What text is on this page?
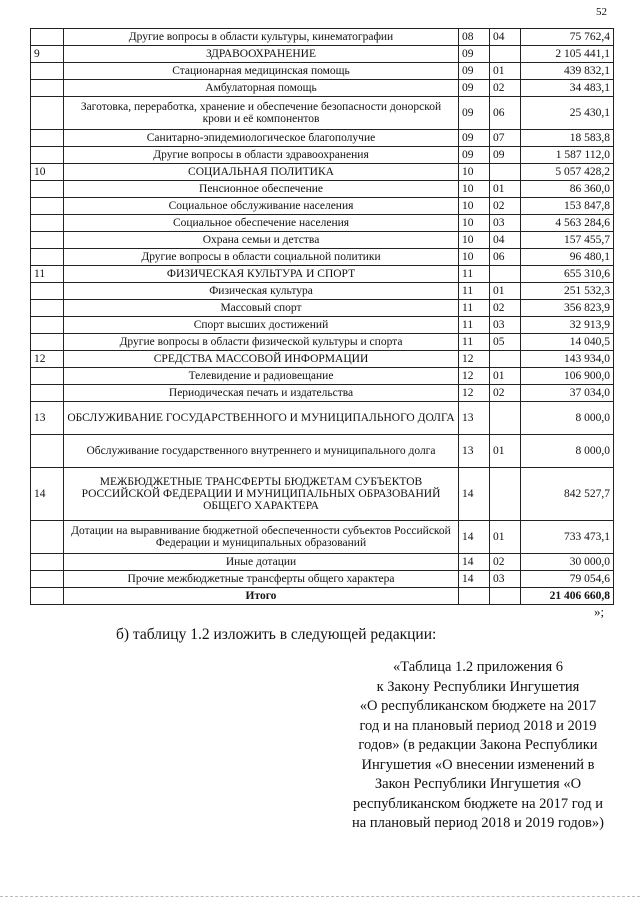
52
	Другие вопросы в области культуры, кинематографии	08	04	75 762,4
9	ЗДРАВООХРАНЕНИЕ	09		2 105 441,1
	Стационарная медицинская помощь	09	01	439 832,1
	Амбулаторная помощь	09	02	34 483,1
	Заготовка, переработка, хранение и обеспечение безопасности донорской крови и её компонентов	09	06	25 430,1
	Санитарно-эпидемиологическое благополучие	09	07	18 583,8
	Другие вопросы в области здравоохранения	09	09	1 587 112,0
10	СОЦИАЛЬНАЯ ПОЛИТИКА	10		5 057 428,2
	Пенсионное обеспечение	10	01	86 360,0
	Социальное обслуживание населения	10	02	153 847,8
	Социальное обеспечение населения	10	03	4 563 284,6
	Охрана семьи и детства	10	04	157 455,7
	Другие вопросы в области социальной политики	10	06	96 480,1
11	ФИЗИЧЕСКАЯ КУЛЬТУРА И СПОРТ	11		655 310,6
	Физическая культура	11	01	251 532,3
	Массовый спорт	11	02	356 823,9
	Спорт высших достижений	11	03	32 913,9
	Другие вопросы в области физической культуры и спорта	11	05	14 040,5
12	СРЕДСТВА МАССОВОЙ ИНФОРМАЦИИ	12		143 934,0
	Телевидение и радиовещание	12	01	106 900,0
	Периодическая печать и издательства	12	02	37 034,0
13	ОБСЛУЖИВАНИЕ ГОСУДАРСТВЕННОГО И МУНИЦИПАЛЬНОГО ДОЛГА	13		8 000,0
	Обслуживание государственного внутреннего и муниципального долга	13	01	8 000,0
14	МЕЖБЮДЖЕТНЫЕ ТРАНСФЕРТЫ БЮДЖЕТАМ СУБЪЕКТОВ РОССИЙСКОЙ ФЕДЕРАЦИИ И МУНИЦИПАЛЬНЫХ ОБРАЗОВАНИЙ ОБЩЕГО ХАРАКТЕРА	14		842 527,7
	Дотации на выравнивание бюджетной обеспеченности субъектов Российской Федерации и муниципальных образований	14	01	733 473,1
	Иные дотации	14	02	30 000,0
	Прочие межбюджетные трансферты общего характера	14	03	79 054,6
	Итого			21 406 660,8
»;
б) таблицу 1.2 изложить в следующей редакции:
«Таблица 1.2 приложения 6
к Закону Республики Ингушетия
«О республиканском бюджете на 2017
год и на плановый период 2018 и 2019
годов» (в редакции Закона Республики
Ингушетия «О внесении изменений в
Закон Республики Ингушетия «О
республиканском бюджете на 2017 год и
на плановый период 2018 и 2019 годов»)
